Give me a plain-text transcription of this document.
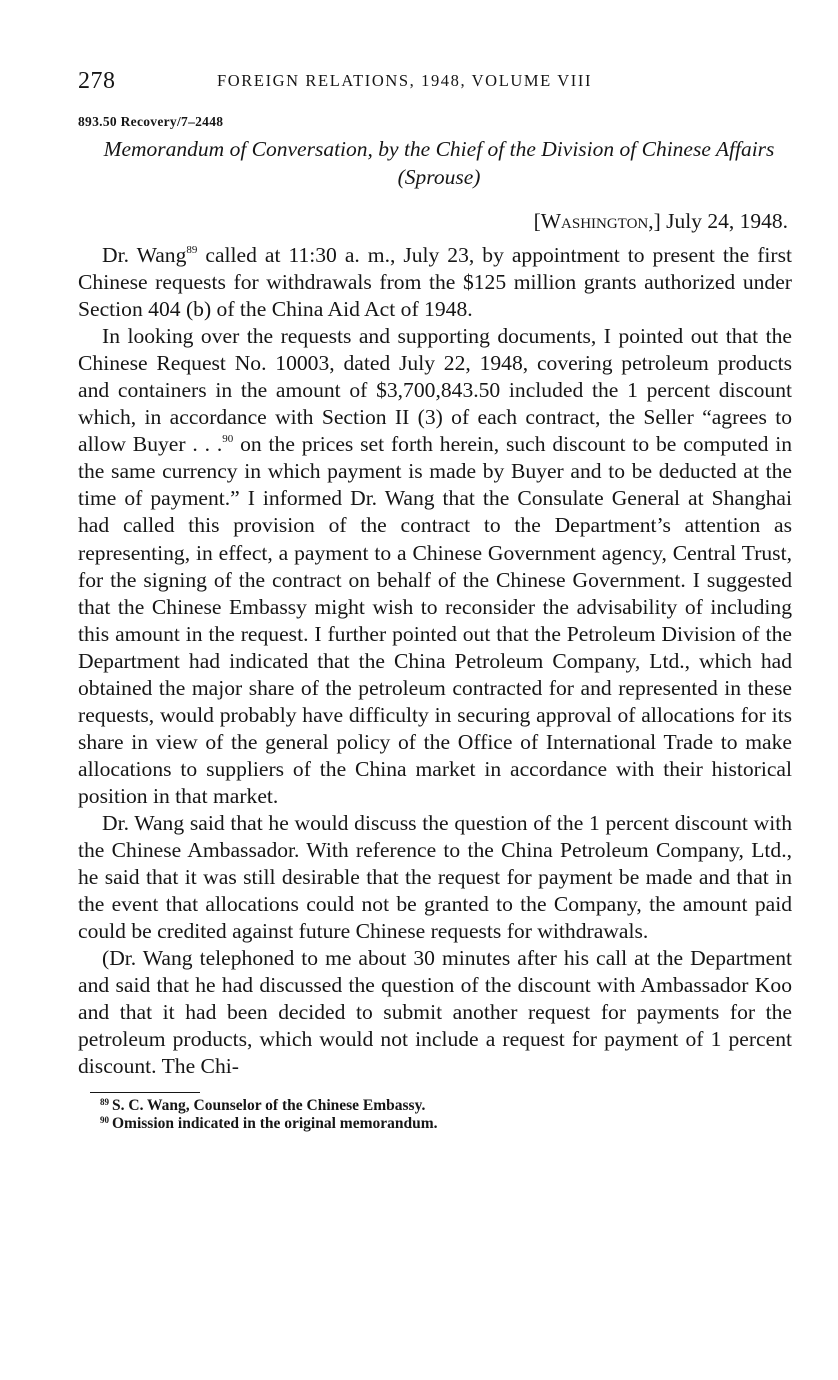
278	FOREIGN RELATIONS, 1948, VOLUME VIII
893.50 Recovery/7–2448
Memorandum of Conversation, by the Chief of the Division of Chinese Affairs (Sprouse)
[Washington,] July 24, 1948.

Dr. Wang$^{89}$ called at 11:30 a. m., July 23, by appointment to present the first Chinese requests for withdrawals from the $125 million grants authorized under Section 404 (b) of the China Aid Act of 1948.

In looking over the requests and supporting documents, I pointed out that the Chinese Request No. 10003, dated July 22, 1948, covering petroleum products and containers in the amount of $3,700,843.50 included the 1 percent discount which, in accordance with Section II (3) of each contract, the Seller “agrees to allow Buyer . . .$^{90}$ on the prices set forth herein, such discount to be computed in the same currency in which payment is made by Buyer and to be deducted at the time of payment.” I informed Dr. Wang that the Consulate General at Shanghai had called this provision of the contract to the Department’s attention as representing, in effect, a payment to a Chinese Government agency, Central Trust, for the signing of the contract on behalf of the Chinese Government. I suggested that the Chinese Embassy might wish to reconsider the advisability of including this amount in the request. I further pointed out that the Petroleum Division of the Department had indicated that the China Petroleum Company, Ltd., which had obtained the major share of the petroleum contracted for and represented in these requests, would probably have difficulty in securing approval of allocations for its share in view of the general policy of the Office of International Trade to make allocations to suppliers of the China market in accordance with their historical position in that market.

Dr. Wang said that he would discuss the question of the 1 percent discount with the Chinese Ambassador. With reference to the China Petroleum Company, Ltd., he said that it was still desirable that the request for payment be made and that in the event that allocations could not be granted to the Company, the amount paid could be credited against future Chinese requests for withdrawals.

(Dr. Wang telephoned to me about 30 minutes after his call at the Department and said that he had discussed the question of the discount with Ambassador Koo and that it had been decided to submit another request for payments for the petroleum products, which would not include a request for payment of 1 percent discount. The Chi-

$^{89}$ S. C. Wang, Counselor of the Chinese Embassy.
$^{90}$ Omission indicated in the original memorandum.
